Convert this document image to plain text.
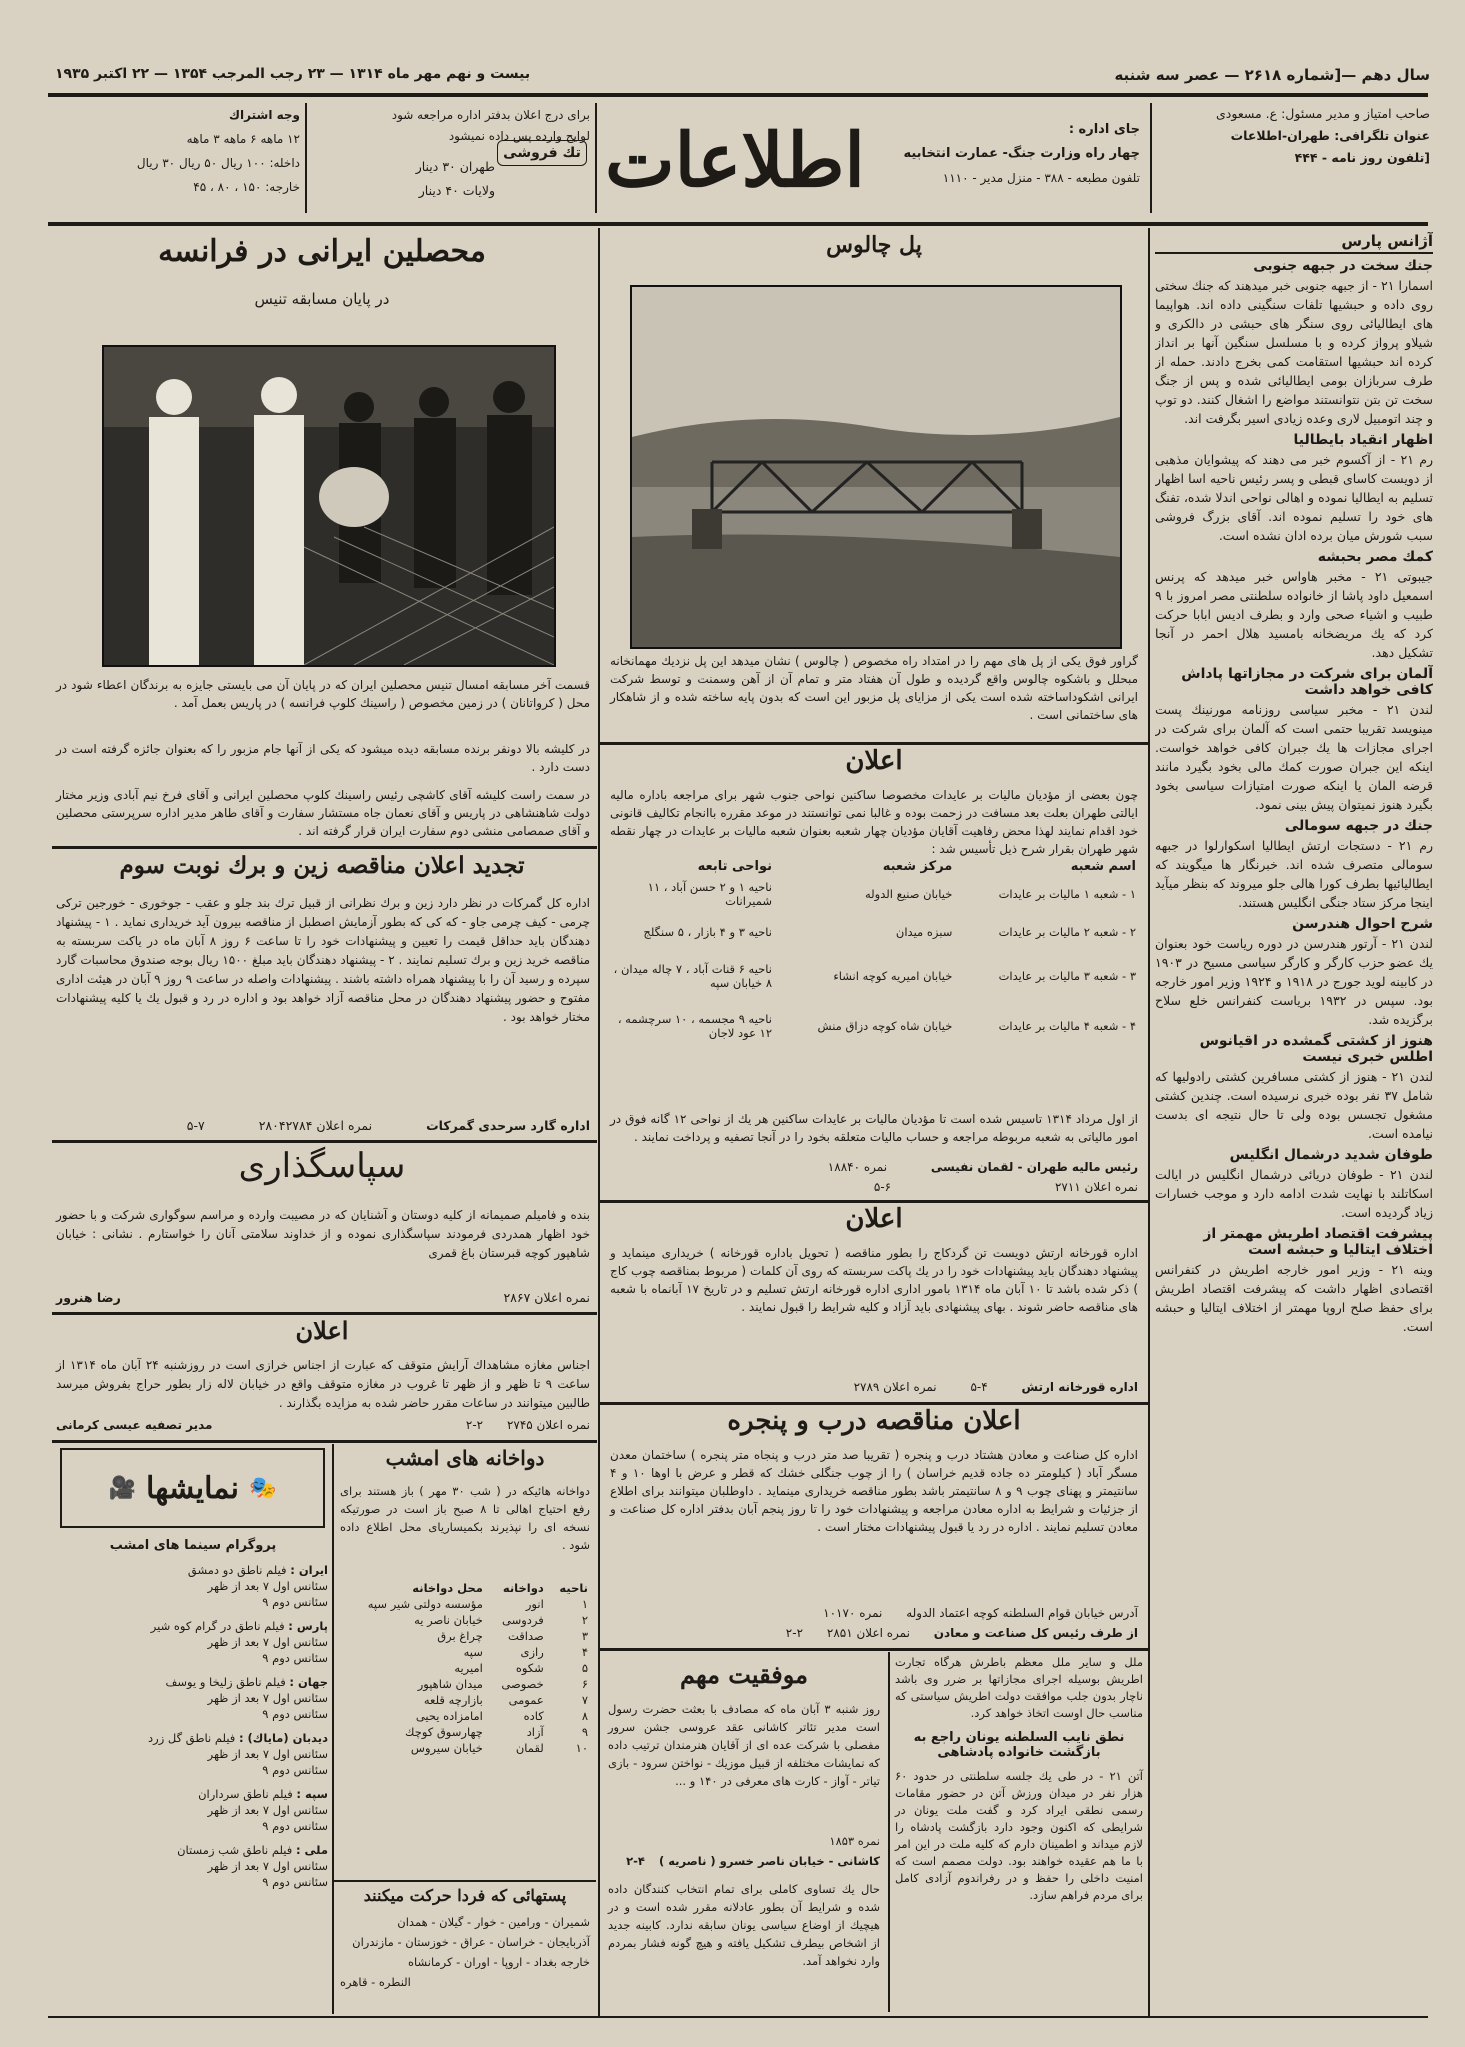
سال دهم —[شماره ۲۶۱۸ — عصر سه شنبه
بیست و نهم مهر ماه ۱۳۱۴ — ۲۳ رجب المرجب ۱۳۵۴ — ۲۲ اکتبر ۱۹۳۵
صاحب امتیاز و مدیر مسئول: ع. مسعودی
عنوان تلگرافی: طهران-اطلاعات
[تلفون روز نامه - ۴۴۴
جای اداره :
چهار راه وزارت جنگ- عمارت انتخابیه
تلفون مطبعه - ۳۸۸ - منزل مدیر - ۱۱۱۰
اطلاعات
تك فروشی
برای درج اعلان بدفتر اداره مراجعه شود
لوایح وارده پس داده نمیشود
طهران ۳۰ دینار
ولایات ۴۰ دینار
وجه اشتراك
۱۲ ماهه ۶ ماهه ۳ ماهه
داخله: ۱۰۰ ریال ۵۰ ریال ۳۰ ریال
خارجه: ۱۵۰ ، ۸۰ ، ۴۵
آژانس پارس
جنك سخت در جبهه جنوبی
اسمارا ۲۱ - از جبهه جنوبی خبر میدهند که جنك سختی روی داده و حبشیها تلفات سنگینی داده اند. هواپیما های ایطالیائی روی سنگر های حبشی در دالکری و شیلاو پرواز کرده و با مسلسل سنگین آنها بر انداز کرده اند حبشیها استقامت کمی بخرج دادند. حمله از طرف سربازان بومی ایطالیائی شده و پس از جنگ سخت تن بتن نتوانستند مواضع را اشغال کنند. دو توپ و چند اتومبیل لاری وعده زیادی اسیر بگرفت اند.
اظهار انقیاد بایطالیا
رم ۲۱ - از آکسوم خبر می دهند که پیشوایان مذهبی از دویست کاسای قبطی و پسر رئیس ناحیه اسا اظهار تسلیم به ایطالیا نموده و اهالی نواحی اندلا شده، تفنگ های خود را تسلیم نموده اند. آقای بزرگ فروشی سبب شورش میان برده ادان نشده است.
کمك مصر بحبشه
جیبوتی ۲۱ - مخبر هاواس خبر میدهد که پرنس اسمعیل داود پاشا از خانواده سلطنتی مصر امروز با ۹ طبیب و اشیاء صحی وارد و بطرف ادیس ابابا حرکت کرد که یك مریضخانه بامسید هلال احمر در آنجا تشکیل دهد.
آلمان برای شرکت در مجازاتها پاداش کافی خواهد داشت
لندن ۲۱ - مخبر سیاسی روزنامه مورنینك پست مینویسد تقریبا حتمی است که آلمان برای شرکت در اجرای مجازات ها یك جبران کافی خواهد خواست. اینکه این جبران صورت کمك مالی بخود بگیرد مانند قرضه المان یا اینکه صورت امتیازات سیاسی بخود بگیرد هنوز نمیتوان پیش بینی نمود.
جنك در جبهه سومالی
رم ۲۱ - دستجات ارتش ایطالیا اسکوارلوا در جبهه سومالی متصرف شده اند. خبرنگار ها میگویند که ایطالیائیها بطرف کورا هالی جلو میروند که بنظر میآید اینجا مرکز ستاد جنگی انگلیس هستند.
شرح احوال هندرسن
لندن ۲۱ - آرتور هندرسن در دوره ریاست خود بعنوان یك عضو حزب کارگر و کارگر سیاسی مسیح در ۱۹۰۳ در کابینه لوید جورج در ۱۹۱۸ و ۱۹۲۴ وزیر امور خارجه بود. سپس در ۱۹۳۲ بریاست کنفرانس خلع سلاح برگزیده شد.
هنوز از کشتی گمشده در اقیانوس اطلس خبری نیست
لندن ۲۱ - هنوز از کشتی مسافرین کشتی رادولیها که شامل ۳۷ نفر بوده خبری نرسیده است. چندین کشتی مشغول تجسس بوده ولی تا حال نتیجه ای بدست نیامده است.
طوفان شدید درشمال انگلیس
لندن ۲۱ - طوفان دریائی درشمال انگلیس در ایالت اسکاتلند با نهایت شدت ادامه دارد و موجب خسارات زیاد گردیده است.
پیشرفت اقتصاد اطریش مهمتر از اختلاف ایتالیا و حبشه است
وینه ۲۱ - وزیر امور خارجه اطریش در کنفرانس اقتصادی اظهار داشت که پیشرفت اقتصاد اطریش برای حفظ صلح اروپا مهمتر از اختلاف ایتالیا و حبشه است.
پل چالوس
گراور فوق یکی از پل های مهم را در امتداد راه مخصوص ( چالوس ) نشان میدهد این پل نزدیك مهمانخانه مبحلل و باشکوه چالوس واقع گردیده و طول آن هفتاد متر و تمام آن از آهن وسمنت و توسط شرکت ایرانی اشکوداساخته شده است یکی از مزایای پل مزبور این است که بدون پایه ساخته شده و از شاهکار های ساختمانی است .
اعلان
چون بعضی از مؤدیان مالیات بر عایدات مخصوصا ساکنین نواحی جنوب شهر برای مراجعه باداره مالیه ایالتی طهران بعلت بعد مسافت در زحمت بوده و غالبا نمی توانستند در موعد مقرره باانجام تکالیف قانونی خود اقدام نمایند لهذا محض رفاهیت آقایان مؤدیان چهار شعبه بعنوان شعبه مالیات بر عایدات در چهار نقطه شهر طهران بقرار شرح ذیل تأسیس شد :
اسم شعبه	مرکز شعبه	نواحی تابعه
۱ - شعبه ۱ مالیات بر عایدات	خیابان صنیع الدوله	ناحیه ۱ و ۲ حسن آباد ، ۱۱ شمیرانات
۲ - شعبه ۲ مالیات بر عایدات	سبزه میدان	ناحیه ۳ و ۴ بازار ، ۵ سنگلج
۳ - شعبه ۳ مالیات بر عایدات	خیابان امیریه کوچه انشاء	ناحیه ۶ قنات آباد ، ۷ چاله میدان ، ۸ خیابان سپه
۴ - شعبه ۴ مالیات بر عایدات	خیابان شاه کوچه دزاق منش	ناحیه ۹ مجسمه ، ۱۰ سرچشمه ، ۱۲ عود لاجان
از اول مرداد ۱۳۱۴ تاسیس شده است تا مؤدیان مالیات بر عایدات ساکنین هر یك از نواحی ۱۲ گانه فوق در امور مالیاتی به شعبه مربوطه مراجعه و حساب مالیات متعلقه بخود را در آنجا تصفیه و پرداخت نمایند .
رئیس مالیه طهران - لقمان نفیسی نمره ۱۸۸۴۰
نمره اعلان ۲۷۱۱ ۶-۵
اعلان
اداره قورخانه ارتش دویست تن گردکاج را بطور مناقصه ( تحویل باداره قورخانه ) خریداری مینماید و پیشنهاد دهندگان باید پیشنهادات خود را در یك پاکت سربسته که روی آن کلمات ( مربوط بمناقصه چوب کاج ) ذکر شده باشد تا ۱۰ آبان ماه ۱۳۱۴ بامور اداری اداره قورخانه ارتش تسلیم و در تاریخ ۱۷ آبانماه با شعبه های مناقصه حاضر شوند . بهای پیشنهادی باید آزاد و کلیه شرایط را قبول نمایند .
اداره قورخانه ارتش ۴-۵ نمره اعلان ۲۷۸۹
اعلان مناقصه درب و پنجره
اداره کل صناعت و معادن هشتاد درب و پنجره ( تقریبا صد متر درب و پنجاه متر پنجره ) ساختمان معدن مسگر آباد ( کیلومتر ده جاده قدیم خراسان ) را از چوب جنگلی خشك که قطر و عرض با اوها ۱۰ و ۴ سانتیمتر و پهنای چوب ۹ و ۸ سانتیمتر باشد بطور مناقصه خریداری مینماید . داوطلبان میتوانند برای اطلاع از جزئیات و شرایط به اداره معادن مراجعه و پیشنهادات خود را تا روز پنجم آبان بدفتر اداره کل صناعت و معادن تسلیم نمایند . اداره در رد یا قبول پیشنهادات مختار است .
آدرس خیابان قوام السلطنه کوچه اعتماد الدوله نمره ۱۰۱۷۰
از طرف رئیس کل صناعت و معادن نمره اعلان ۲۸۵۱ ۲-۲
موفقیت مهم
روز شنبه ۳ آبان ماه که مصادف با بعثت حضرت رسول است مدیر تئاتر کاشانی عقد عروسی جشن سرور مفصلی با شرکت عده ای از آقایان هنرمندان ترتیب داده که نمایشات مختلفه از قبیل موزیك - نواختن سرود - بازی تیاتر - آواز - کارت های معرفی در ۱۴۰ و ...
نمره ۱۸۵۳
کاشانی - خیابان ناصر خسرو ( ناصریه ) ۴-۲
حال یك تساوی کاملی برای تمام انتخاب کنندگان داده شده و شرایط آن بطور عادلانه مقرر شده است و در هیچیك از اوضاع سیاسی یونان سابقه ندارد. کابینه جدید از اشخاص بیطرف تشکیل یافته و هیچ گونه فشار بمردم وارد نخواهد آمد.
ملل و سایر ملل معظم باطرش هرگاه تجارت اطریش بوسیله اجرای مجازاتها بر ضرر وی باشد ناچار بدون جلب موافقت دولت اطریش سیاستی که مناسب حال اوست اتخاذ خواهد کرد.
نطق نایب السلطنه یونان راجع به بازگشت خانواده پادشاهی
آتن ۲۱ - در طی یك جلسه سلطنتی در حدود ۶۰ هزار نفر در میدان ورزش آتن در حضور مقامات رسمی نطقی ایراد کرد و گفت ملت یونان در شرایطی که اکنون وجود دارد بازگشت پادشاه را لازم میداند و اطمینان دارم که کلیه ملت در این امر با ما هم عقیده خواهند بود. دولت مصمم است که امنیت داخلی را حفظ و در رفراندوم آزادی کامل برای مردم فراهم سازد.
محصلین ایرانی در فرانسه
در پایان مسابقه تنیس
قسمت آخر مسابقه امسال تنیس محصلین ایران که در پایان آن می بایستی جایزه به برندگان اعطاء شود در محل ( کرواتانان ) در زمین مخصوص ( راسینك کلوپ فرانسه ) در پاریس بعمل آمد .
در کلیشه بالا دونفر برنده مسابقه دیده میشود که یکی از آنها جام مزبور را که بعنوان جائزه گرفته است در دست دارد .
در سمت راست کلیشه آقای کاشچی رئیس راسینك کلوپ محصلین ایرانی و آقای فرخ نیم آبادی وزیر مختار دولت شاهنشاهی در پاریس و آقای نعمان جاه مستشار سفارت و آقای طاهر مدیر اداره سرپرستی محصلین و آقای صمصامی منشی دوم سفارت ایران قرار گرفته اند .
تجدید اعلان مناقصه زین و برك نوبت سوم
اداره کل گمرکات در نظر دارد زین و برك نظرانی از قبیل ترك بند جلو و عقب - جوخوری - خورجین ترکی چرمی - کیف چرمی جاو - که کی که بطور آزمایش اصطبل از مناقصه بیرون آید خریداری نماید . ۱ - پیشنهاد دهندگان باید حداقل قیمت را تعیین و پیشنهادات خود را تا ساعت ۶ روز ۸ آبان ماه در یاکت سربسته به مناقصه خرید زین و برك تسلیم نمایند . ۲ - پیشنهاد دهندگان باید مبلغ ۱۵۰۰ ریال بوجه صندوق محاسبات گارد سپرده و رسید آن را با پیشنهاد همراه داشته باشند . پیشنهادات واصله در ساعت ۹ روز ۹ آبان در هیئت اداری مفتوح و حضور پیشنهاد دهندگان در محل مناقصه آزاد خواهد بود و اداره در رد و قبول یك یا کلیه پیشنهادات مختار خواهد بود .
اداره گارد سرحدی گمرکات نمره اعلان ۲۸۰۴۲۷۸۴ ۷-۵
سپاسگذاری
بنده و فامیلم صمیمانه از کلیه دوستان و آشنایان که در مصیبت وارده و مراسم سوگواری شرکت و با حضور خود اظهار همدردی فرمودند سپاسگذاری نموده و از خداوند سلامتی آنان را خواستارم . نشانی : خیابان شاهپور کوچه قبرستان باغ قمری
نمره اعلان ۲۸۶۷
رضا هنرور
اعلان
اجناس مغازه مشاهداك آرایش متوقف که عبارت از اجناس خرازی است در روزشنبه ۲۴ آبان ماه ۱۳۱۴ از ساعت ۹ تا ظهر و از ظهر تا غروب در مغازه متوقف واقع در خیابان لاله زار بطور حراج بفروش میرسد طالبین میتوانند در ساعات مقرر حاضر شده به مزایده بگذارند .
نمره اعلان ۲۷۴۵ ۲-۲
مدیر تصفیه عیسی کرمانی
دواخانه های امشب
دواخانه هائیکه در ( شب ۳۰ مهر ) باز هستند برای رفع احتیاج اهالی تا ۸ صبح باز است در صورتیکه نسخه ای را نپذیرند بکمیساریای محل اطلاع داده شود .
ناحیه	دواخانه	محل دواخانه
۱	انور	مؤسسه دولتی شیر سپه
۲	فردوسی	خیابان ناصر یه
۳	صداقت	چراغ برق
۴	رازی	سپه
۵	شکوه	امیریه
۶	خصوصی	میدان شاهپور
۷	عمومی	بازارچه قلعه
۸	کاده	امامزاده یحیی
۹	آزاد	چهارسوق کوچك
۱۰	لقمان	خیابان سیروس
پستهائی که فردا حرکت میکنند
شمیران - ورامین - خوار - گیلان - همدان
آذربایجان - خراسان - عراق - خوزستان - مازندران
خارجه بغداد - اروپا - اوران - کرمانشاه
النطره - قاهره
🎥 نمایشها 🎭
پروگرام سینما های امشب
ایران : فیلم ناطق دو دمشق
سئانس اول ۷ بعد از ظهر
سئانس دوم ۹
پارس : فیلم ناطق در گرام کوه شیر
سئانس اول ۷ بعد از ظهر
سئانس دوم ۹
جهان : فیلم ناطق زلیخا و یوسف
سئانس اول ۷ بعد از ظهر
سئانس دوم ۹
دیدبان (مایاك) : فیلم ناطق گل زرد
سئانس اول ۷ بعد از ظهر
سئانس دوم ۹
سپه : فیلم ناطق سرداران
سئانس اول ۷ بعد از ظهر
سئانس دوم ۹
ملی : فیلم ناطق شب زمستان
سئانس اول ۷ بعد از ظهر
سئانس دوم ۹
